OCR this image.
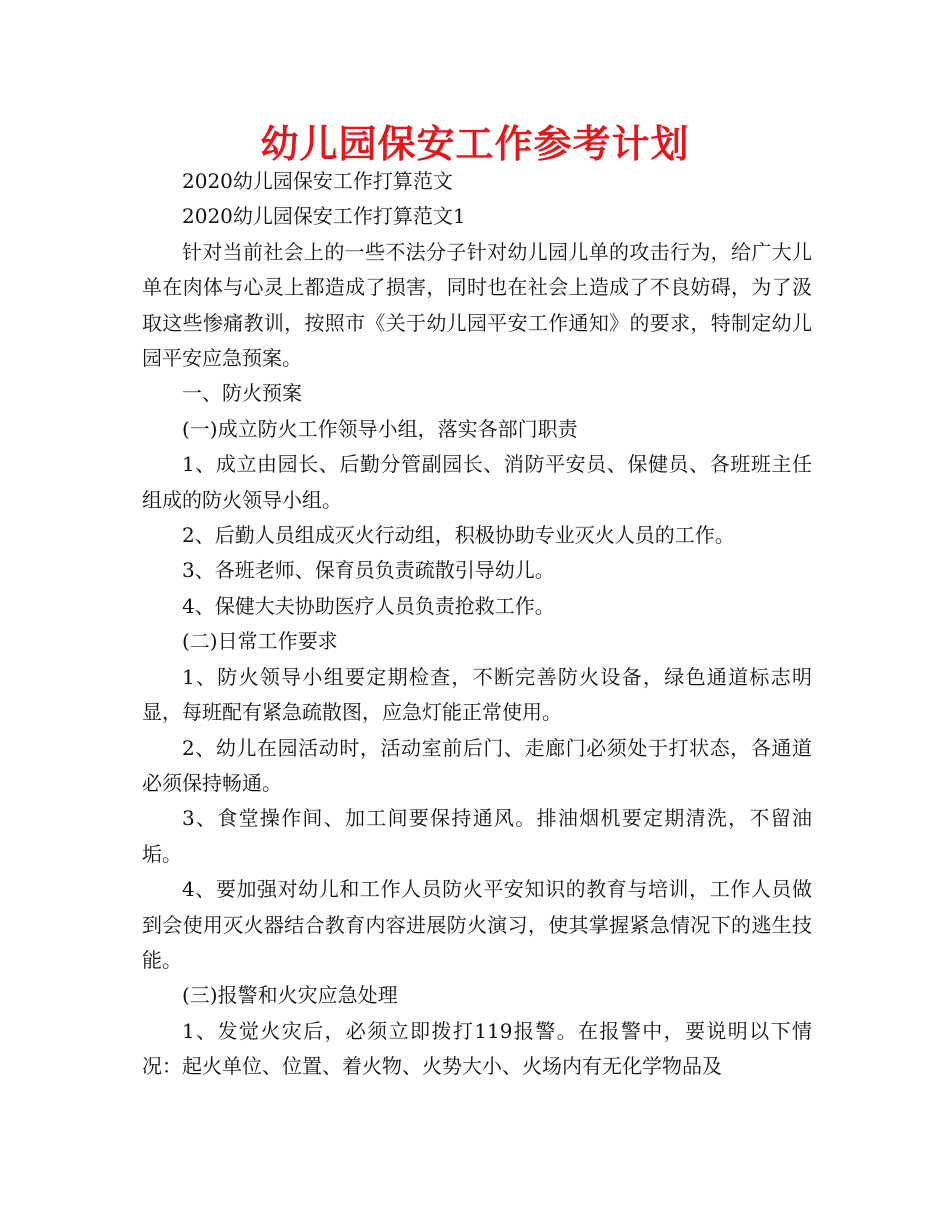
幼儿园保安工作参考计划

2020幼儿园保安工作打算范文

2020幼儿园保安工作打算范文1

针对当前社会上的一些不法分子针对幼儿园儿单的攻击行为，给广大儿单在肉体与心灵上都造成了损害，同时也在社会上造成了不良妨碍，为了汲取这些惨痛教训，按照市《关于幼儿园平安工作通知》的要求，特制定幼儿园平安应急预案。

一、防火预案

(一)成立防火工作领导小组，落实各部门职责

1、成立由园长、后勤分管副园长、消防平安员、保健员、各班班主任组成的防火领导小组。

2、后勤人员组成灭火行动组，积极协助专业灭火人员的工作。

3、各班老师、保育员负责疏散引导幼儿。

4、保健大夫协助医疗人员负责抢救工作。

(二)日常工作要求

1、防火领导小组要定期检查，不断完善防火设备，绿色通道标志明显，每班配有紧急疏散图，应急灯能正常使用。

2、幼儿在园活动时，活动室前后门、走廊门必须处于打状态，各通道必须保持畅通。

3、食堂操作间、加工间要保持通风。排油烟机要定期清洗，不留油垢。

4、要加强对幼儿和工作人员防火平安知识的教育与培训，工作人员做到会使用灭火器结合教育内容进展防火演习，使其掌握紧急情况下的逃生技能。

(三)报警和火灾应急处理

1、发觉火灾后，必须立即拨打119报警。在报警中，要说明以下情况：起火单位、位置、着火物、火势大小、火场内有无化学物品及
